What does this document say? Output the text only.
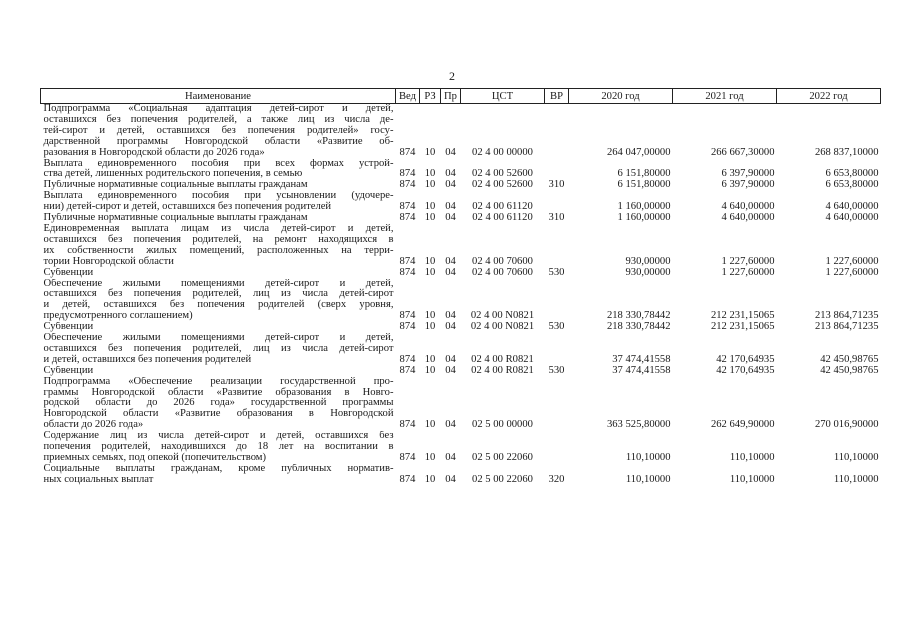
2
Наименование	Вед	РЗ	Пр	ЦСТ	ВР	2020 год	2021 год	2022 год

Подпрограмма «Социальная адаптация детей-сирот и детей,
оставшихся без попечения родителей, а также лиц из числа де-
тей-сирот и детей, оставшихся без попечения родителей» госу-
дарственной программы Новгородской области «Развитие об-
разования в Новгородской области до 2026 года»	874	10	04	02 4 00 00000		264 047,00000	266 667,30000	268 837,10000

Выплата единовременного пособия при всех формах устрой-
ства детей, лишенных родительского попечения, в семью	874	10	04	02 4 00 52600		6 151,80000	6 397,90000	6 653,80000

Публичные нормативные социальные выплаты гражданам	874	10	04	02 4 00 52600	310	6 151,80000	6 397,90000	6 653,80000

Выплата единовременного пособия при усыновлении (удочере-
нии) детей-сирот и детей, оставшихся без попечения родителей	874	10	04	02 4 00 61120		1 160,00000	4 640,00000	4 640,00000

Публичные нормативные социальные выплаты гражданам	874	10	04	02 4 00 61120	310	1 160,00000	4 640,00000	4 640,00000

Единовременная выплата лицам из числа детей-сирот и детей,
оставшихся без попечения родителей, на ремонт находящихся в
их собственности жилых помещений, расположенных на терри-
тории Новгородской области	874	10	04	02 4 00 70600		930,00000	1 227,60000	1 227,60000

Субвенции	874	10	04	02 4 00 70600	530	930,00000	1 227,60000	1 227,60000

Обеспечение жилыми помещениями детей-сирот и детей,
оставшихся без попечения родителей, лиц из числа детей-сирот
и детей, оставшихся без попечения родителей (сверх уровня,
предусмотренного соглашением)	874	10	04	02 4 00 N0821		218 330,78442	212 231,15065	213 864,71235

Субвенции	874	10	04	02 4 00 N0821	530	218 330,78442	212 231,15065	213 864,71235

Обеспечение жилыми помещениями детей-сирот и детей,
оставшихся без попечения родителей, лиц из числа детей-сирот
и детей, оставшихся без попечения родителей	874	10	04	02 4 00 R0821		37 474,41558	42 170,64935	42 450,98765

Субвенции	874	10	04	02 4 00 R0821	530	37 474,41558	42 170,64935	42 450,98765

Подпрограмма «Обеспечение реализации государственной про-
граммы Новгородской области «Развитие образования в Новго-
родской области до 2026 года» государственной программы
Новгородской области «Развитие образования в Новгородской
области до 2026 года»	874	10	04	02 5 00 00000		363 525,80000	262 649,90000	270 016,90000

Содержание лиц из числа детей-сирот и детей, оставшихся без
попечения родителей, находившихся до 18 лет на воспитании в
приемных семьях, под опекой (попечительством)	874	10	04	02 5 00 22060		110,10000	110,10000	110,10000

Социальные выплаты гражданам, кроме публичных норматив-
ных социальных выплат	874	10	04	02 5 00 22060	320	110,10000	110,10000	110,10000
